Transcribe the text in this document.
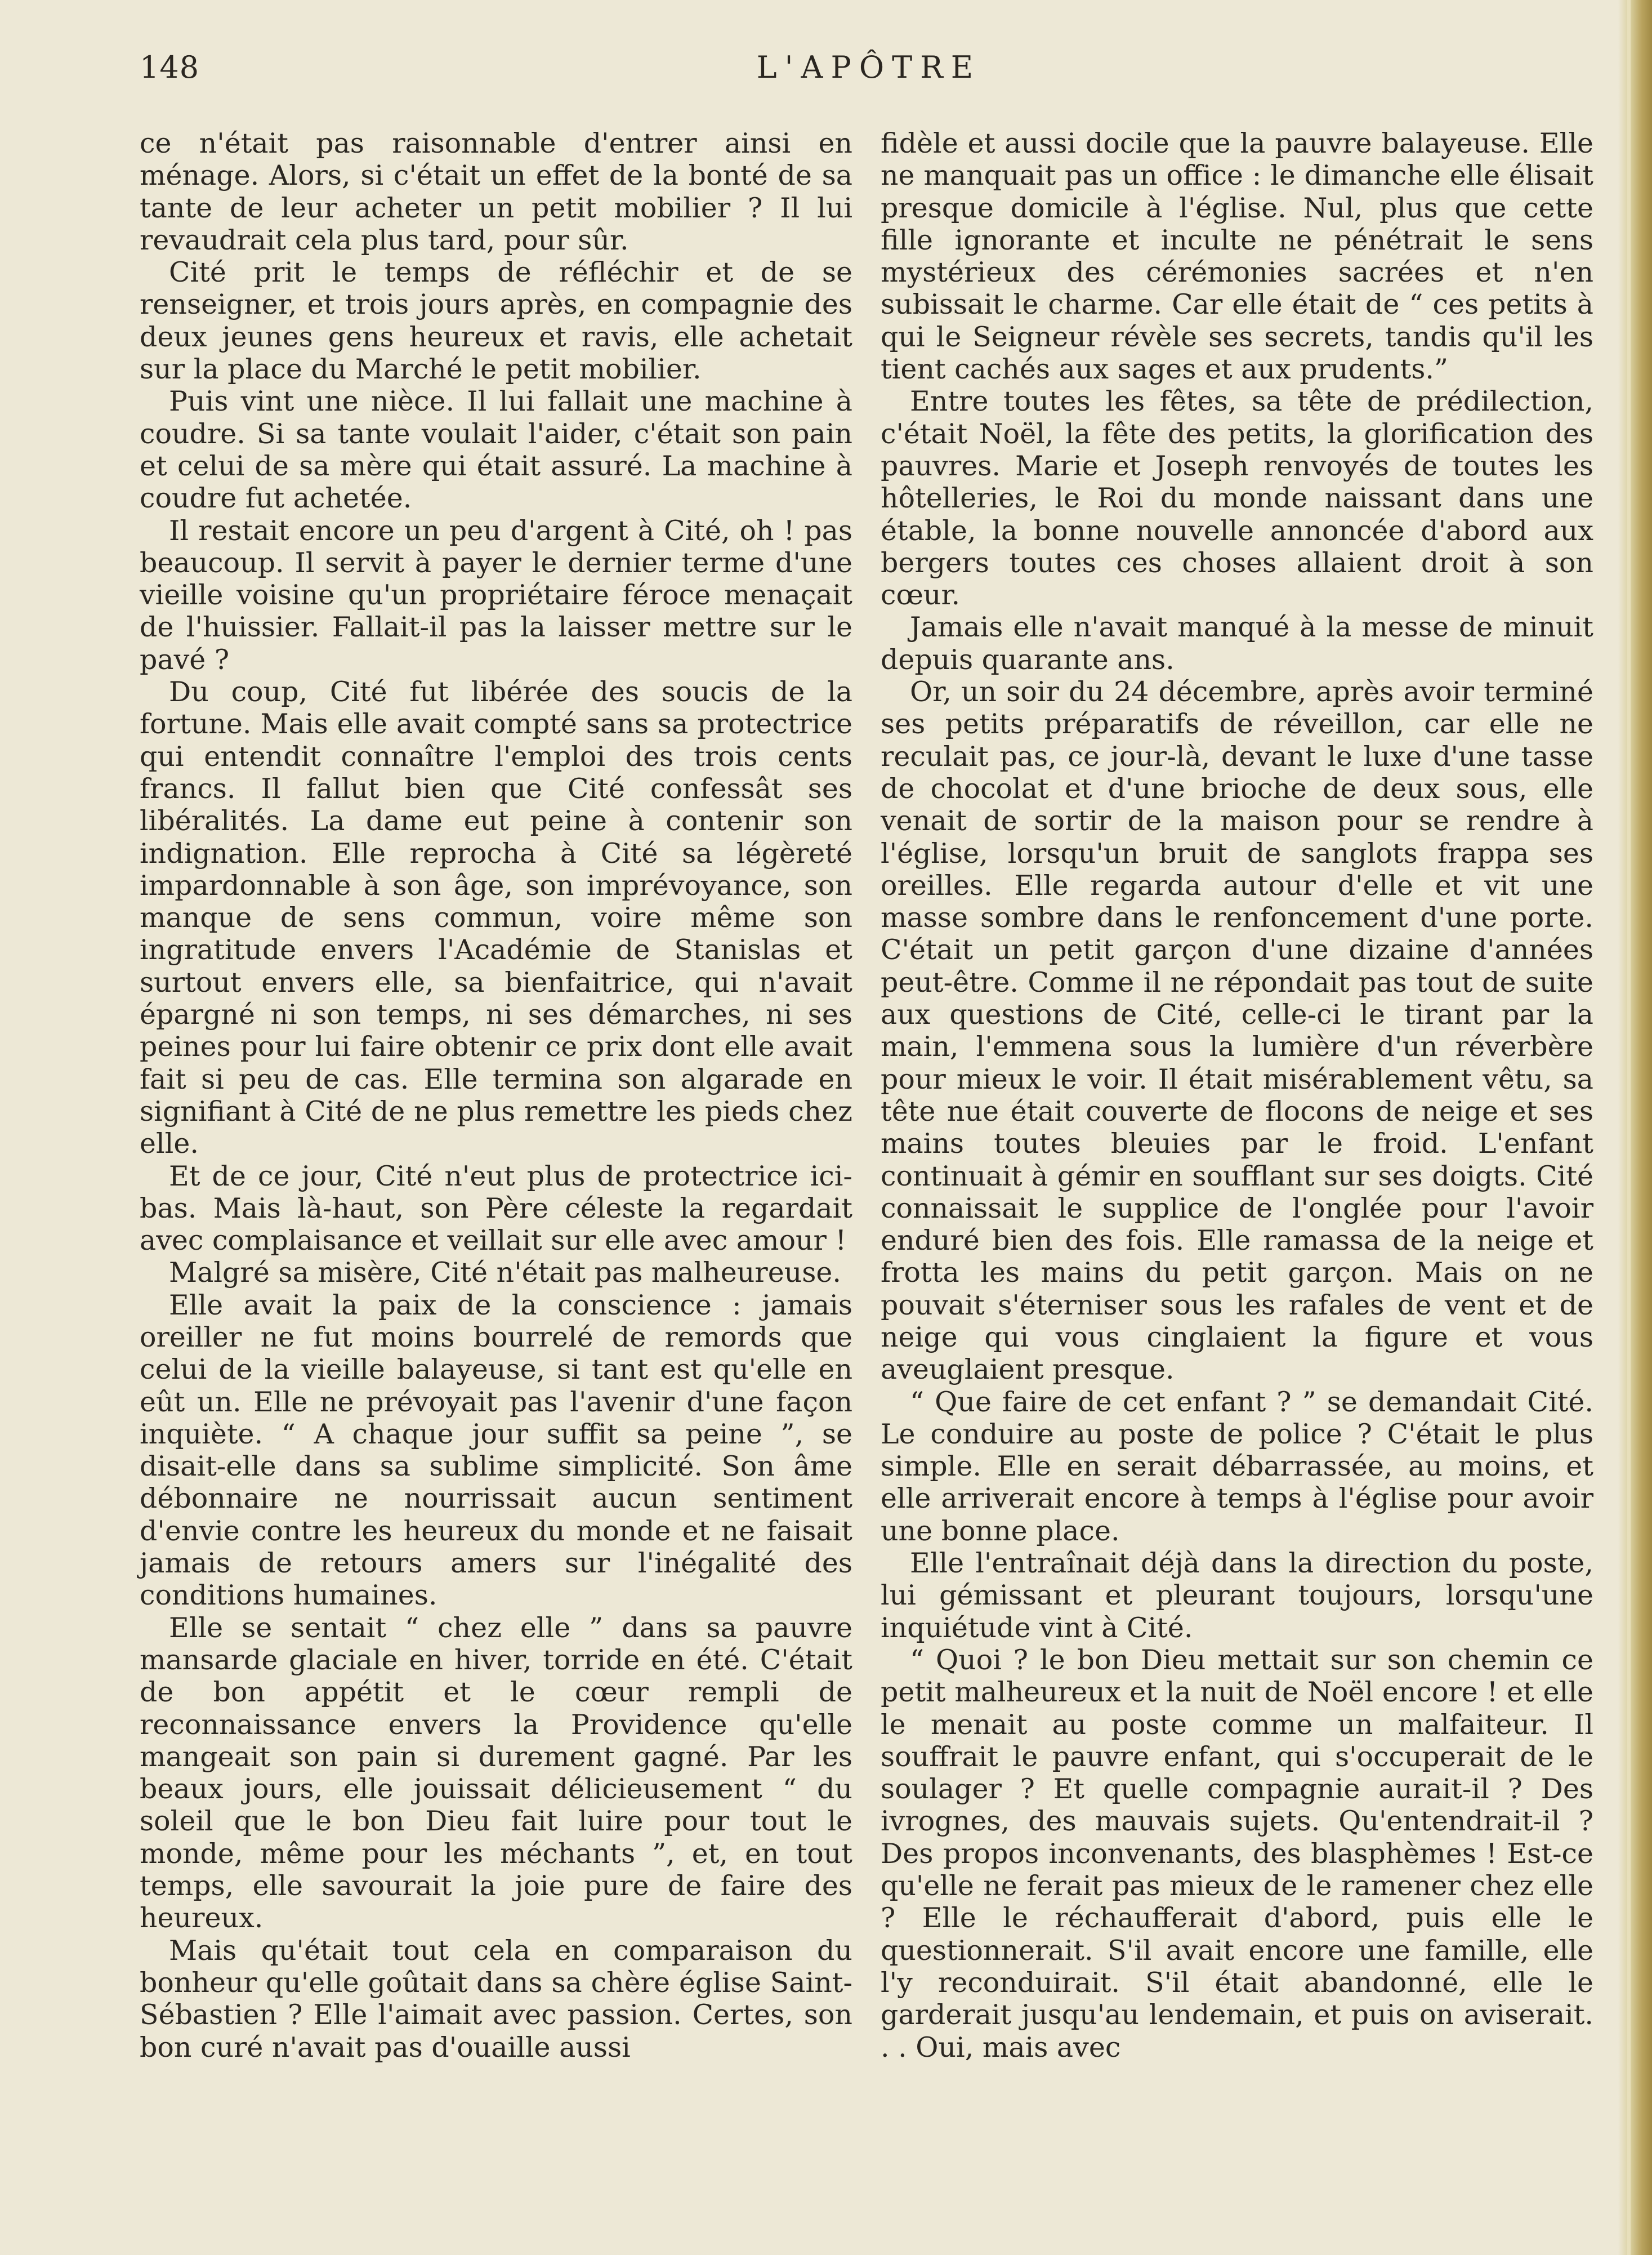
148	L'APÔTRE

ce n'était pas raisonnable d'entrer ainsi en ménage. Alors, si c'était un effet de la bonté de sa tante de leur acheter un petit mobilier ? Il lui revaudrait cela plus tard, pour sûr.

Cité prit le temps de réfléchir et de se renseigner, et trois jours après, en compagnie des deux jeunes gens heureux et ravis, elle achetait sur la place du Marché le petit mobilier.

Puis vint une nièce. Il lui fallait une machine à coudre. Si sa tante voulait l'aider, c'était son pain et celui de sa mère qui était assuré. La machine à coudre fut achetée.

Il restait encore un peu d'argent à Cité, oh ! pas beaucoup. Il servit à payer le dernier terme d'une vieille voisine qu'un propriétaire féroce menaçait de l'huissier. Fallait-il pas la laisser mettre sur le pavé ?

Du coup, Cité fut libérée des soucis de la fortune. Mais elle avait compté sans sa protectrice qui entendit connaître l'emploi des trois cents francs. Il fallut bien que Cité confessât ses libéralités. La dame eut peine à contenir son indignation. Elle reprocha à Cité sa légèreté impardonnable à son âge, son imprévoyance, son manque de sens commun, voire même son ingratitude envers l'Académie de Stanislas et surtout envers elle, sa bienfaitrice, qui n'avait épargné ni son temps, ni ses démarches, ni ses peines pour lui faire obtenir ce prix dont elle avait fait si peu de cas. Elle termina son algarade en signifiant à Cité de ne plus remettre les pieds chez elle.

Et de ce jour, Cité n'eut plus de protectrice ici-bas. Mais là-haut, son Père céleste la regardait avec complaisance et veillait sur elle avec amour !

Malgré sa misère, Cité n'était pas malheureuse.

Elle avait la paix de la conscience : jamais oreiller ne fut moins bourrelé de remords que celui de la vieille balayeuse, si tant est qu'elle en eût un. Elle ne prévoyait pas l'avenir d'une façon inquiète. “ A chaque jour suffit sa peine ”, se disait-elle dans sa sublime simplicité. Son âme débonnaire ne nourrissait aucun sentiment d'envie contre les heureux du monde et ne faisait jamais de retours amers sur l'inégalité des conditions humaines.

Elle se sentait “ chez elle ” dans sa pauvre mansarde glaciale en hiver, torride en été. C'était de bon appétit et le cœur rempli de reconnaissance envers la Providence qu'elle mangeait son pain si durement gagné. Par les beaux jours, elle jouissait délicieusement “ du soleil que le bon Dieu fait luire pour tout le monde, même pour les méchants ”, et, en tout temps, elle savourait la joie pure de faire des heureux.

Mais qu'était tout cela en comparaison du bonheur qu'elle goûtait dans sa chère église Saint-Sébastien ? Elle l'aimait avec passion. Certes, son bon curé n'avait pas d'ouaille aussi

fidèle et aussi docile que la pauvre balayeuse. Elle ne manquait pas un office : le dimanche elle élisait presque domicile à l'église. Nul, plus que cette fille ignorante et inculte ne pénétrait le sens mystérieux des cérémonies sacrées et n'en subissait le charme. Car elle était de “ ces petits à qui le Seigneur révèle ses secrets, tandis qu'il les tient cachés aux sages et aux prudents.”

Entre toutes les fêtes, sa tête de prédilection, c'était Noël, la fête des petits, la glorification des pauvres. Marie et Joseph renvoyés de toutes les hôtelleries, le Roi du monde naissant dans une étable, la bonne nouvelle annoncée d'abord aux bergers toutes ces choses allaient droit à son cœur.

Jamais elle n'avait manqué à la messe de minuit depuis quarante ans.

Or, un soir du 24 décembre, après avoir terminé ses petits préparatifs de réveillon, car elle ne reculait pas, ce jour-là, devant le luxe d'une tasse de chocolat et d'une brioche de deux sous, elle venait de sortir de la maison pour se rendre à l'église, lorsqu'un bruit de sanglots frappa ses oreilles. Elle regarda autour d'elle et vit une masse sombre dans le renfoncement d'une porte. C'était un petit garçon d'une dizaine d'années peut-être. Comme il ne répondait pas tout de suite aux questions de Cité, celle-ci le tirant par la main, l'emmena sous la lumière d'un réverbère pour mieux le voir. Il était misérablement vêtu, sa tête nue était couverte de flocons de neige et ses mains toutes bleuies par le froid. L'enfant continuait à gémir en soufflant sur ses doigts. Cité connaissait le supplice de l'onglée pour l'avoir enduré bien des fois. Elle ramassa de la neige et frotta les mains du petit garçon. Mais on ne pouvait s'éterniser sous les rafales de vent et de neige qui vous cinglaient la figure et vous aveuglaient presque.

“ Que faire de cet enfant ? ” se demandait Cité. Le conduire au poste de police ? C'était le plus simple. Elle en serait débarrassée, au moins, et elle arriverait encore à temps à l'église pour avoir une bonne place.

Elle l'entraînait déjà dans la direction du poste, lui gémissant et pleurant toujours, lorsqu'une inquiétude vint à Cité.

“ Quoi ? le bon Dieu mettait sur son chemin ce petit malheureux et la nuit de Noël encore ! et elle le menait au poste comme un malfaiteur. Il souffrait le pauvre enfant, qui s'occuperait de le soulager ? Et quelle compagnie aurait-il ? Des ivrognes, des mauvais sujets. Qu'entendrait-il ? Des propos inconvenants, des blasphèmes ! Est-ce qu'elle ne ferait pas mieux de le ramener chez elle ? Elle le réchaufferait d'abord, puis elle le questionnerait. S'il avait encore une famille, elle l'y reconduirait. S'il était abandonné, elle le garderait jusqu'au lendemain, et puis on aviserait. . . Oui, mais avec
